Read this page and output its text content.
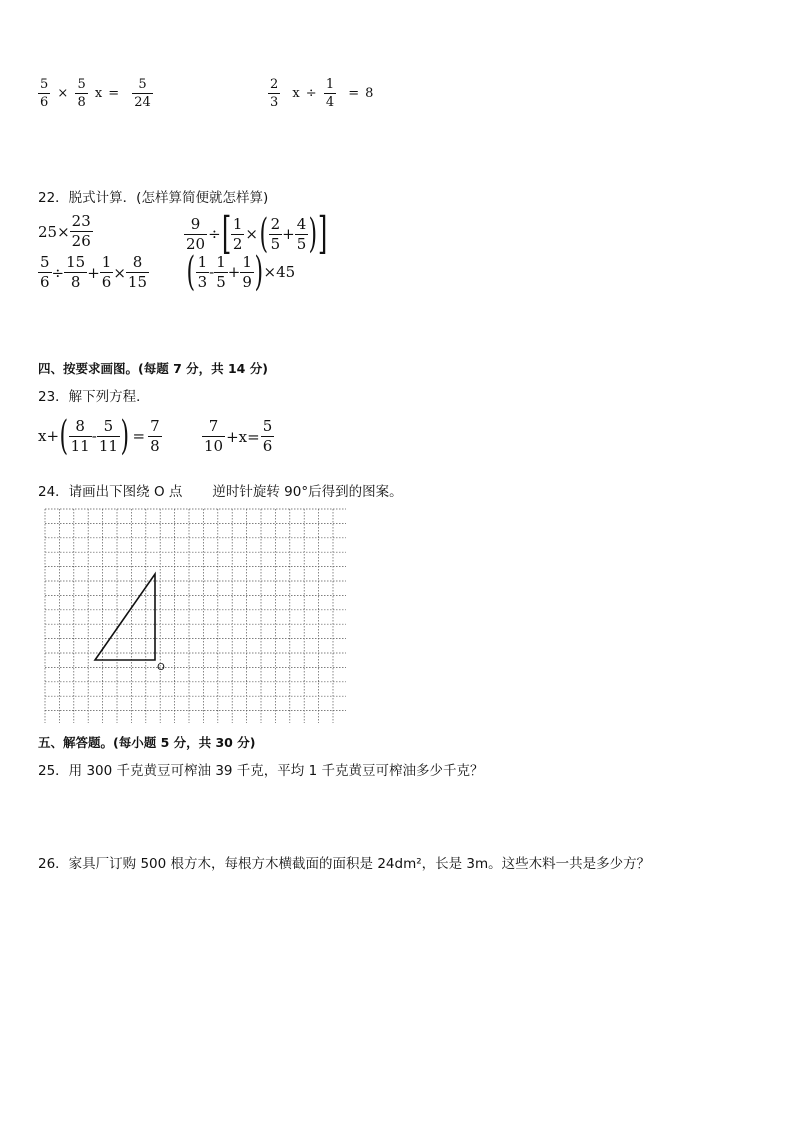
$\frac{5}{6} \times \frac{5}{8}$ $x = \frac{5}{24}$	$\frac{2}{3}$ $x \div \frac{1}{4} = 8$
22．脱式计算．(怎样算简便就怎样算)
$25\times \frac{23}{26}$	$\frac{9}{20}$ ÷[ $\frac{1}{2}$ ×( $\frac{2}{5} + \frac{4}{5}$ )]
$\frac{5}{6} \div \frac{15}{8} + \frac{1}{6} \times \frac{8}{15}$ ( $\frac{1}{3} - \frac{1}{5} + \frac{1}{9} )\times 45$
四、按要求画图。(每题 7 分，共 14 分)
23．解下列方程．
$x+( \frac{8}{11} - \frac{5}{11}$ ) = $\frac{7}{8}$	$\frac{7}{10} +x= \frac{5}{6}$
24．请画出下图绕 O 点 逆时针旋转 90°后得到的图案。
O
五、解答题。(每小题 5 分，共 30 分)
25．用 300 千克黄豆可榨油 39 千克，平均 1 千克黄豆可榨油多少千克？
26．家具厂订购 500 根方木，每根方木横截面的面积是 24dm²，长是 3m。这些木料一共是多少方？
